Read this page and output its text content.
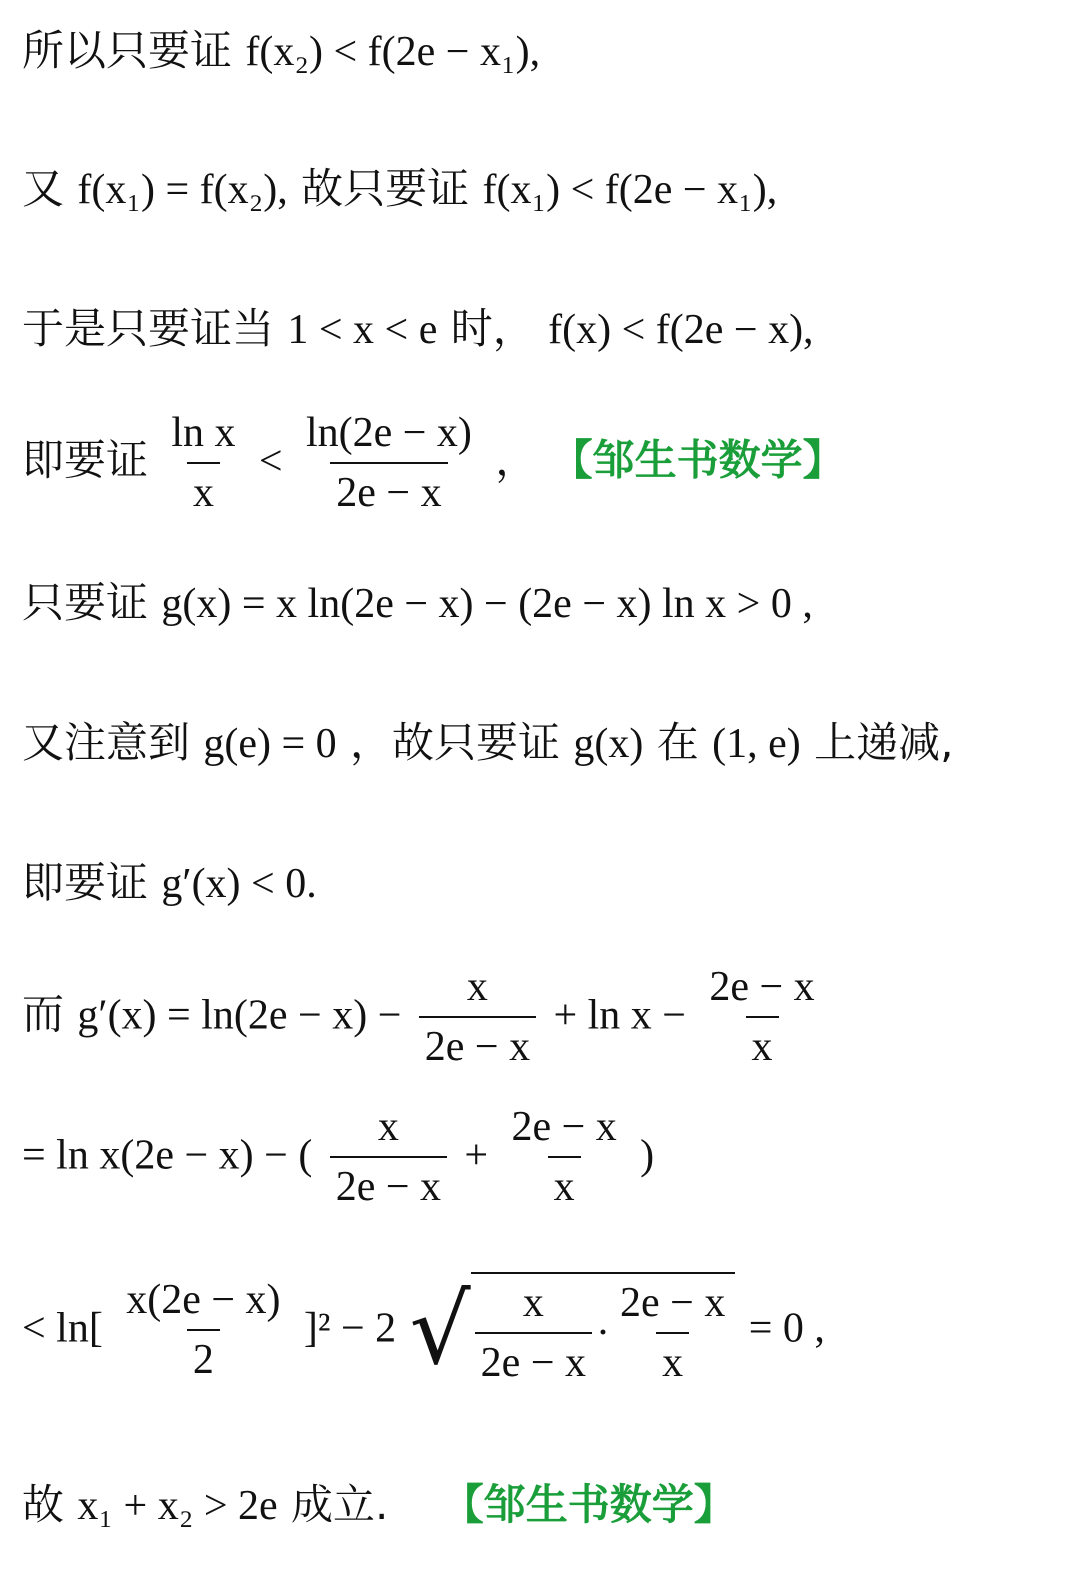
所以只要证 f(x₂) < f(2e − x₁),
又 f(x₁) = f(x₂), 故只要证 f(x₁) < f(2e − x₁),
于是只要证当 1 < x < e 时， f(x) < f(2e − x),
即要证 $\frac{\text{ln x}}{x} < \frac{\ln(2e - x)}{2e - x}$ ， 【邹生书数学】
只要证 g(x) = x ln(2e − x) − (2e − x) ln x > 0 ,
又注意到 g(e) = 0 ，故只要证 g(x) 在 (1, e) 上递减,
即要证 g′(x) < 0.
而 $g'(x) = \ln(2e - x) - \frac{x}{2e - x} + \ln x - \frac{2e - x}{x}$
= ln x(2e − x) − ( $\frac{x}{2e - x} + \frac{2e - x}{x}$ )
< $\ln[ \frac{x(2e - x)}{2} ]^2 - 2$ √ $\frac{x}{2e - x} \cdot \frac{2e - x}{x} = 0$ ,
故 x₁ + x₂ > 2e 成立. 【邹生书数学】
